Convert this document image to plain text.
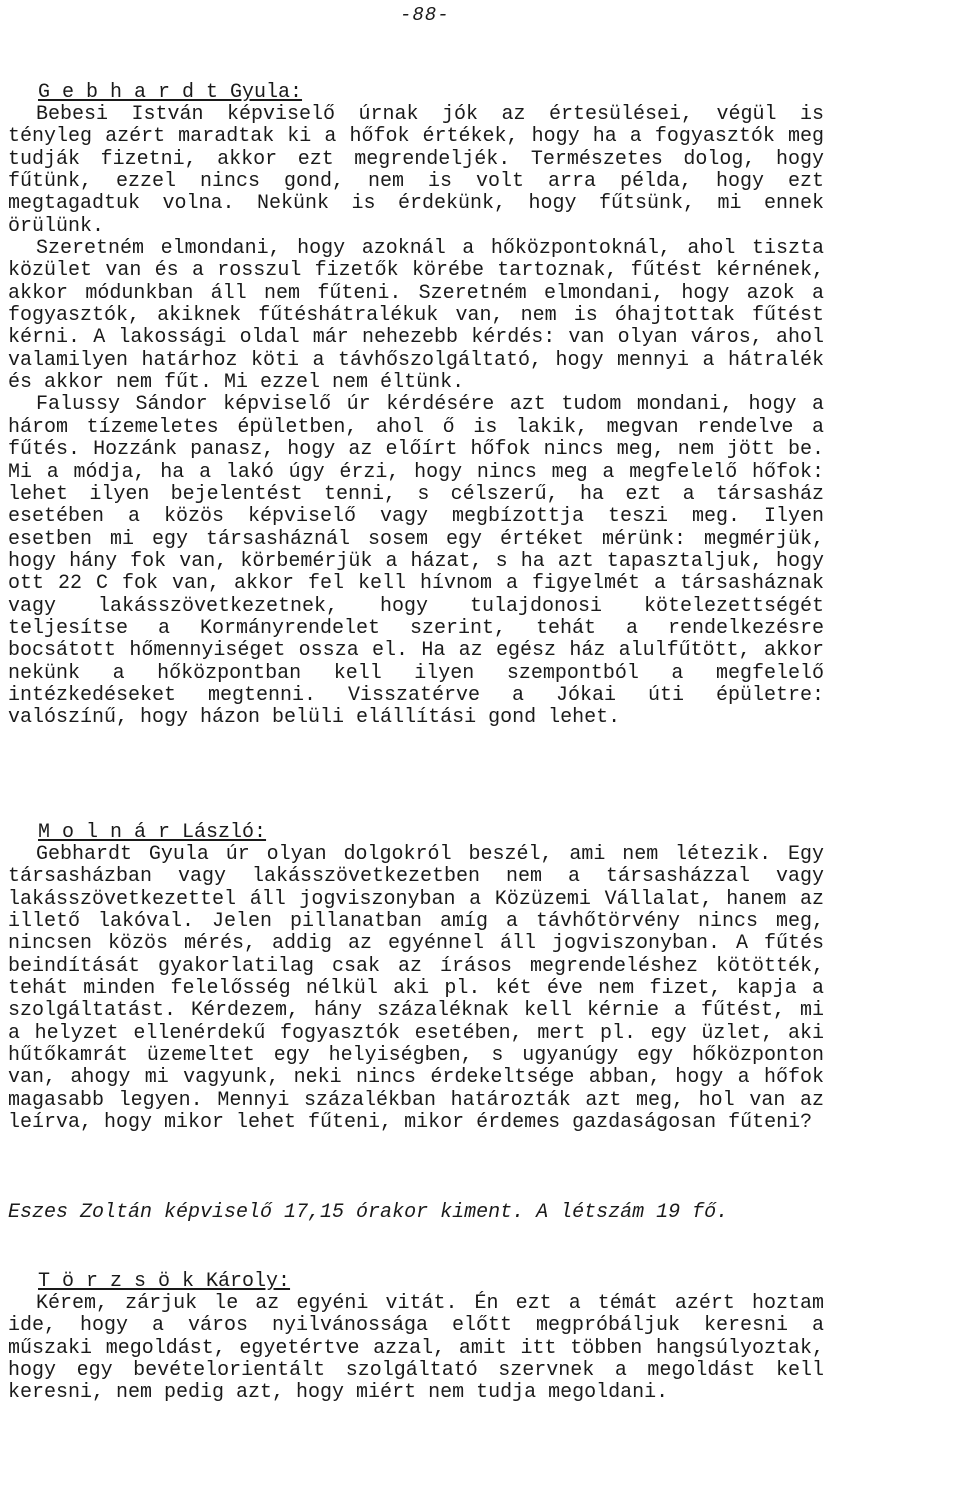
-88-

G e b h a r d t Gyula:

Bebesi István képviselő úrnak jók az értesülései, végül is tényleg azért maradtak ki a hőfok értékek, hogy ha a fogyasztók meg tudják fizetni, akkor ezt megrendeljék. Természetes dolog, hogy fűtünk, ezzel nincs gond, nem is volt arra példa, hogy ezt megtagadtuk volna. Nekünk is érdekünk, hogy fűtsünk, mi ennek örülünk.

Szeretném elmondani, hogy azoknál a hőközpontoknál, ahol tiszta közület van és a rosszul fizetők körébe tartoznak, fűtést kérnének, akkor módunkban áll nem fűteni. Szeretném elmondani, hogy azok a fogyasztók, akiknek fűtéshátralékuk van, nem is óhajtottak fűtést kérni. A lakossági oldal már nehezebb kérdés: van olyan város, ahol valamilyen határhoz köti a távhőszolgáltató, hogy mennyi a hátralék és akkor nem fűt. Mi ezzel nem éltünk.

Falussy Sándor képviselő úr kérdésére azt tudom mondani, hogy a három tízemeletes épületben, ahol ő is lakik, megvan rendelve a fűtés. Hozzánk panasz, hogy az előírt hőfok nincs meg, nem jött be. Mi a módja, ha a lakó úgy érzi, hogy nincs meg a megfelelő hőfok: lehet ilyen bejelentést tenni, s célszerű, ha ezt a társasház esetében a közös képviselő vagy megbízottja teszi meg. Ilyen esetben mi egy társasháznál sosem egy értéket mérünk: megmérjük, hogy hány fok van, körbemérjük a házat, s ha azt tapasztaljuk, hogy ott 22 C fok van, akkor fel kell hívnom a figyelmét a társasháznak vagy lakásszövetkezetnek, hogy tulajdonosi kötelezettségét teljesítse a Kormányrendelet szerint, tehát a rendelkezésre bocsátott hőmennyiséget ossza el. Ha az egész ház alulfűtött, akkor nekünk a hőközpontban kell ilyen szempontból a megfelelő intézkedéseket megtenni. Visszatérve a Jókai úti épületre: valószínű, hogy házon belüli elállítási gond lehet.

M o l n á r László:

Gebhardt Gyula úr olyan dolgokról beszél, ami nem létezik. Egy társasházban vagy lakásszövetkezetben nem a társasházzal vagy lakásszövetkezettel áll jogviszonyban a Közüzemi Vállalat, hanem az illető lakóval. Jelen pillanatban amíg a távhőtörvény nincs meg, nincsen közös mérés, addig az egyénnel áll jogviszonyban. A fűtés beindítását gyakorlatilag csak az írásos megrendeléshez kötötték, tehát minden felelősség nélkül aki pl. két éve nem fizet, kapja a szolgáltatást. Kérdezem, hány százaléknak kell kérnie a fűtést, mi a helyzet ellenérdekű fogyasztók esetében, mert pl. egy üzlet, aki hűtőkamrát üzemeltet egy helyiségben, s ugyanúgy egy hőközponton van, ahogy mi vagyunk, neki nincs érdekeltsége abban, hogy a hőfok magasabb legyen. Mennyi százalékban határozták azt meg, hol van az leírva, hogy mikor lehet fűteni, mikor érdemes gazdaságosan fűteni?

Eszes Zoltán képviselő 17,15 órakor kiment. A létszám 19 fő.

T ö r z s ö k Károly:

Kérem, zárjuk le az egyéni vitát. Én ezt a témát azért hoztam ide, hogy a város nyilvánossága előtt megpróbáljuk keresni a műszaki megoldást, egyetértve azzal, amit itt többen hangsúlyoztak, hogy egy bevételorientált szolgáltató szervnek a megoldást kell keresni, nem pedig azt, hogy miért nem tudja megoldani.
